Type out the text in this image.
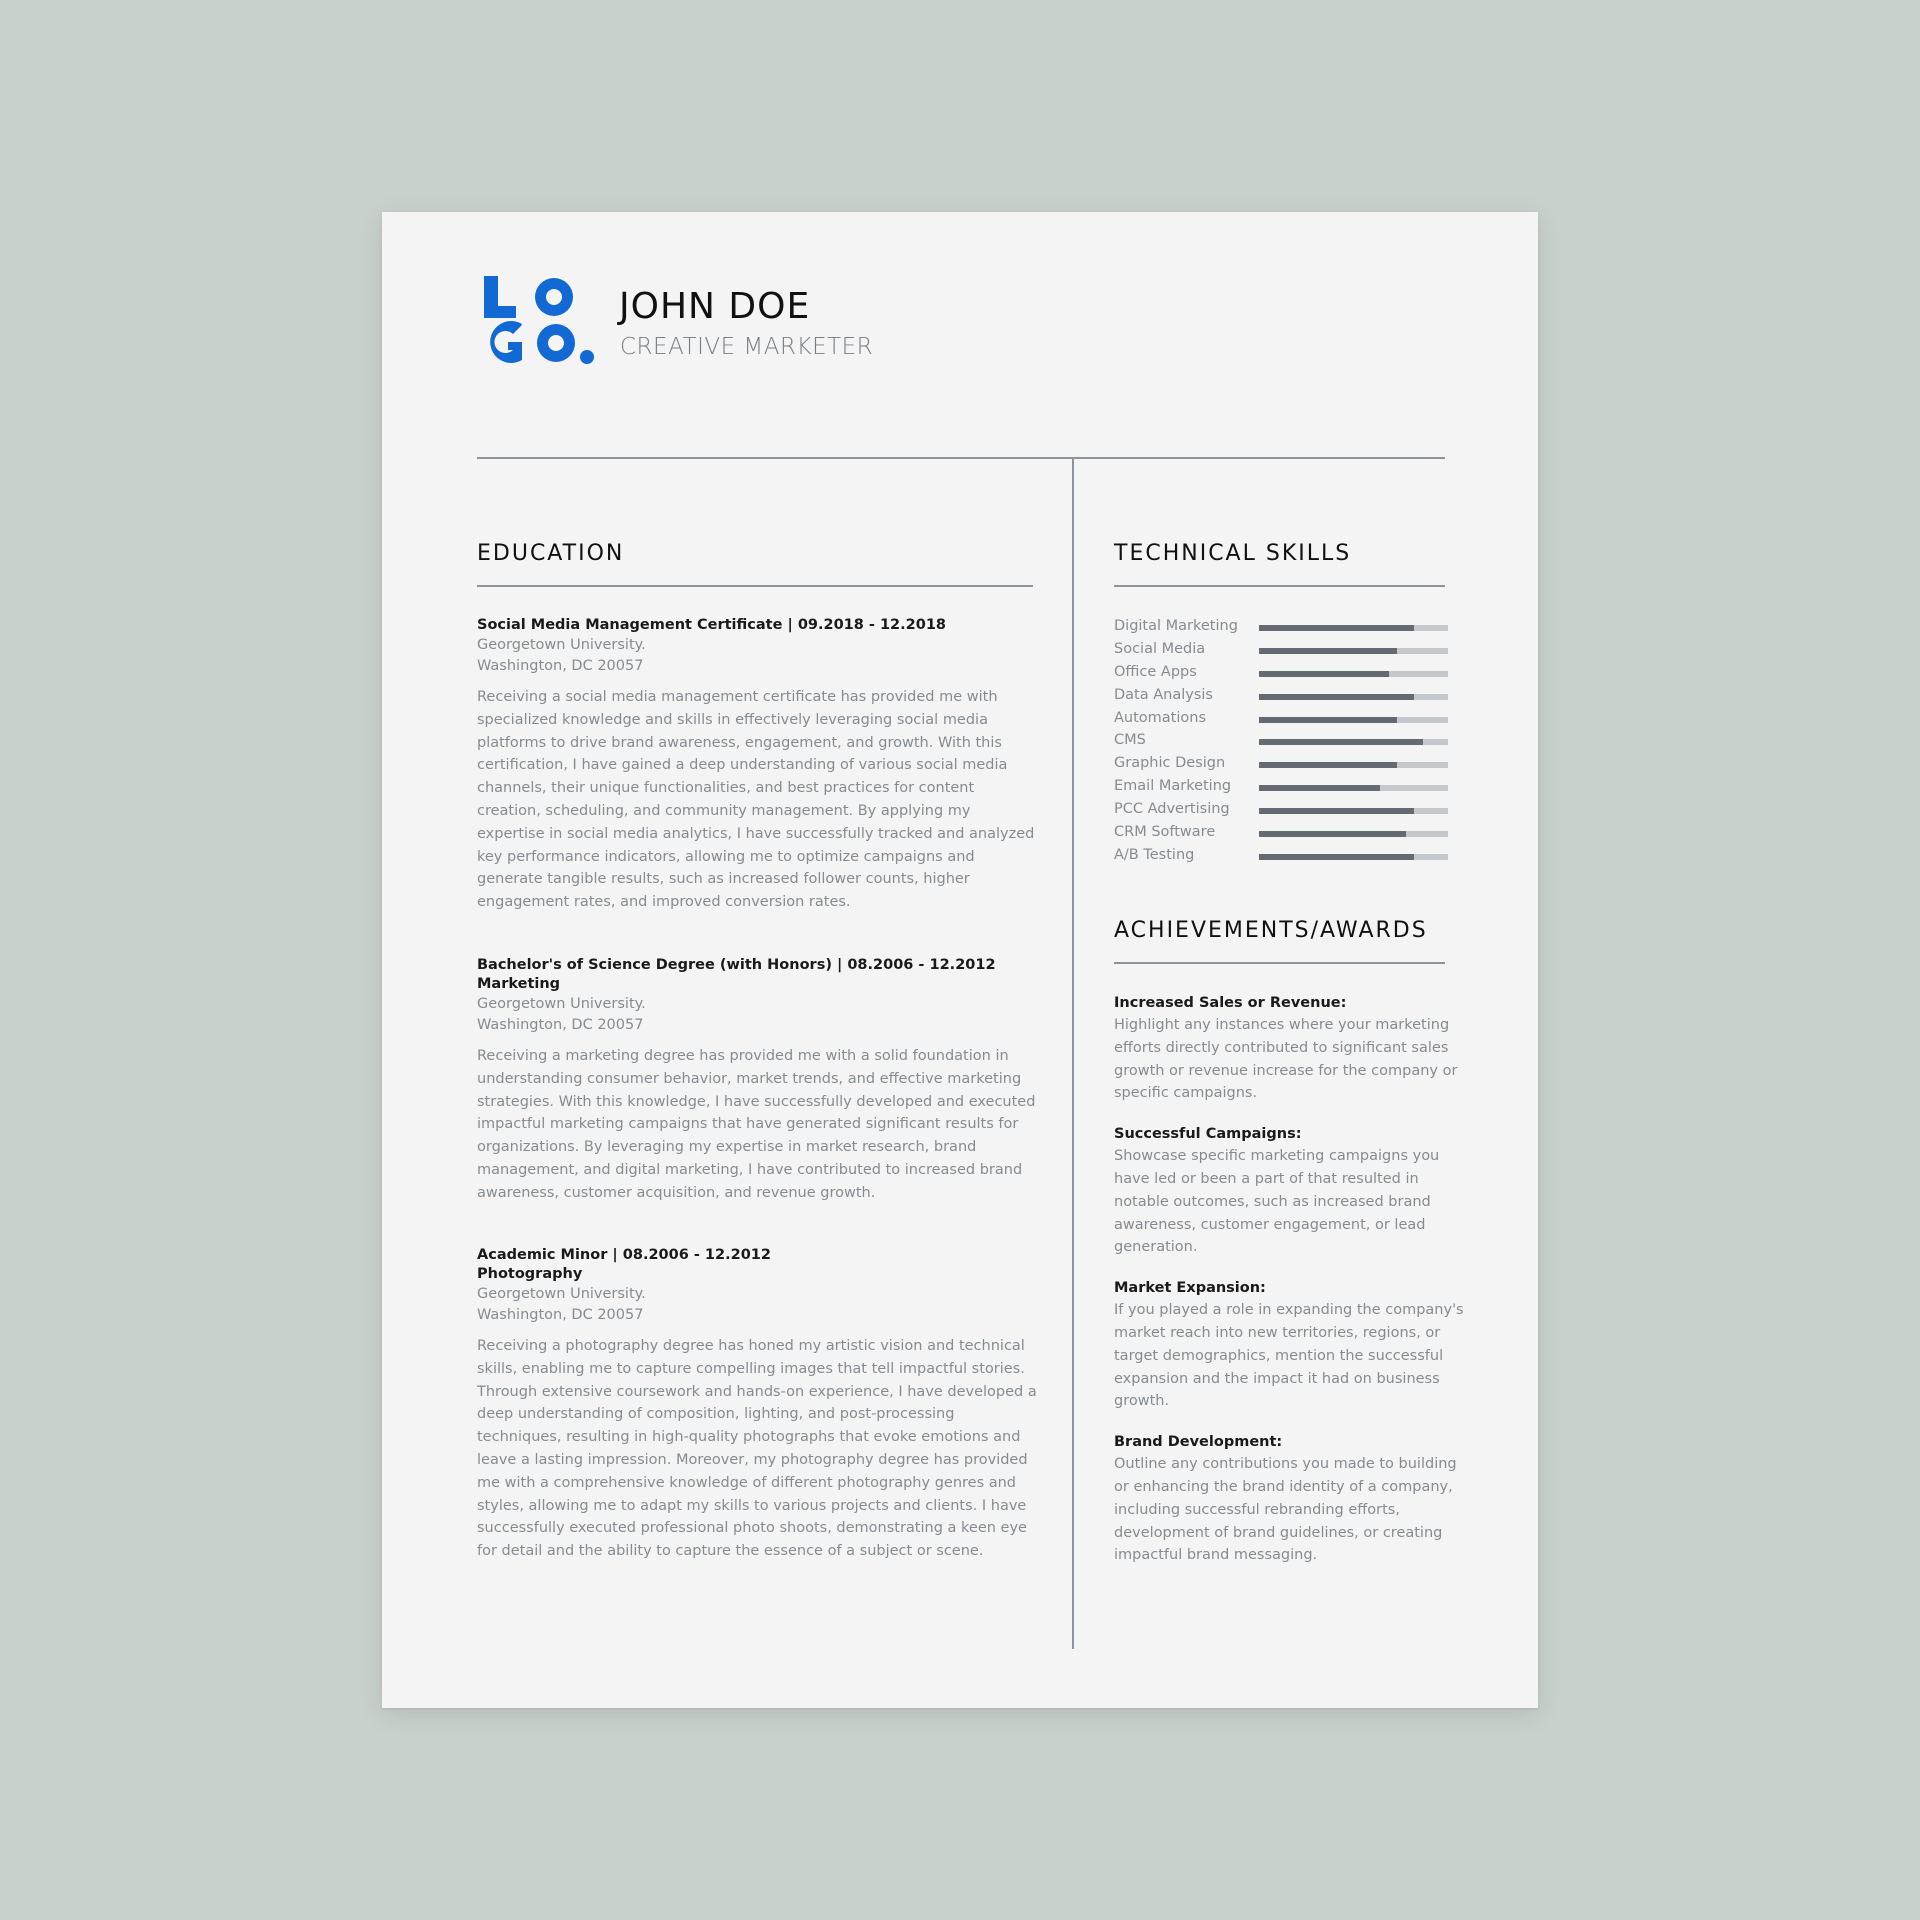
JOHN DOE
CREATIVE MARKETER
EDUCATION
Social Media Management Certificate | 09.2018 - 12.2018
Georgetown University.
Washington, DC 20057
Receiving a social media management certificate has provided me with specialized knowledge and skills in effectively leveraging social media platforms to drive brand awareness, engagement, and growth. With this certification, I have gained a deep understanding of various social media channels, their unique functionalities, and best practices for content creation, scheduling, and community management. By applying my expertise in social media analytics, I have successfully tracked and analyzed key performance indicators, allowing me to optimize campaigns and generate tangible results, such as increased follower counts, higher engagement rates, and improved conversion rates.
Bachelor's of Science Degree (with Honors) | 08.2006 - 12.2012
Marketing
Georgetown University.
Washington, DC 20057
Receiving a marketing degree has provided me with a solid foundation in understanding consumer behavior, market trends, and effective marketing strategies. With this knowledge, I have successfully developed and executed impactful marketing campaigns that have generated significant results for organizations. By leveraging my expertise in market research, brand management, and digital marketing, I have contributed to increased brand awareness, customer acquisition, and revenue growth.
Academic Minor | 08.2006 - 12.2012
Photography
Georgetown University.
Washington, DC 20057
Receiving a photography degree has honed my artistic vision and technical skills, enabling me to capture compelling images that tell impactful stories. Through extensive coursework and hands-on experience, I have developed a deep understanding of composition, lighting, and post-processing techniques, resulting in high-quality photographs that evoke emotions and leave a lasting impression. Moreover, my photography degree has provided me with a comprehensive knowledge of different photography genres and styles, allowing me to adapt my skills to various projects and clients. I have successfully executed professional photo shoots, demonstrating a keen eye for detail and the ability to capture the essence of a subject or scene.
TECHNICAL SKILLS
Digital Marketing
Social Media
Office Apps
Data Analysis
Automations
CMS
Graphic Design
Email Marketing
PCC Advertising
CRM Software
A/B Testing
ACHIEVEMENTS/AWARDS
Increased Sales or Revenue:
Highlight any instances where your marketing efforts directly contributed to significant sales growth or revenue increase for the company or specific campaigns.
Successful Campaigns:
Showcase specific marketing campaigns you have led or been a part of that resulted in notable outcomes, such as increased brand awareness, customer engagement, or lead generation.
Market Expansion:
If you played a role in expanding the company's market reach into new territories, regions, or target demographics, mention the successful expansion and the impact it had on business growth.
Brand Development:
Outline any contributions you made to building or enhancing the brand identity of a company, including successful rebranding efforts, development of brand guidelines, or creating impactful brand messaging.
